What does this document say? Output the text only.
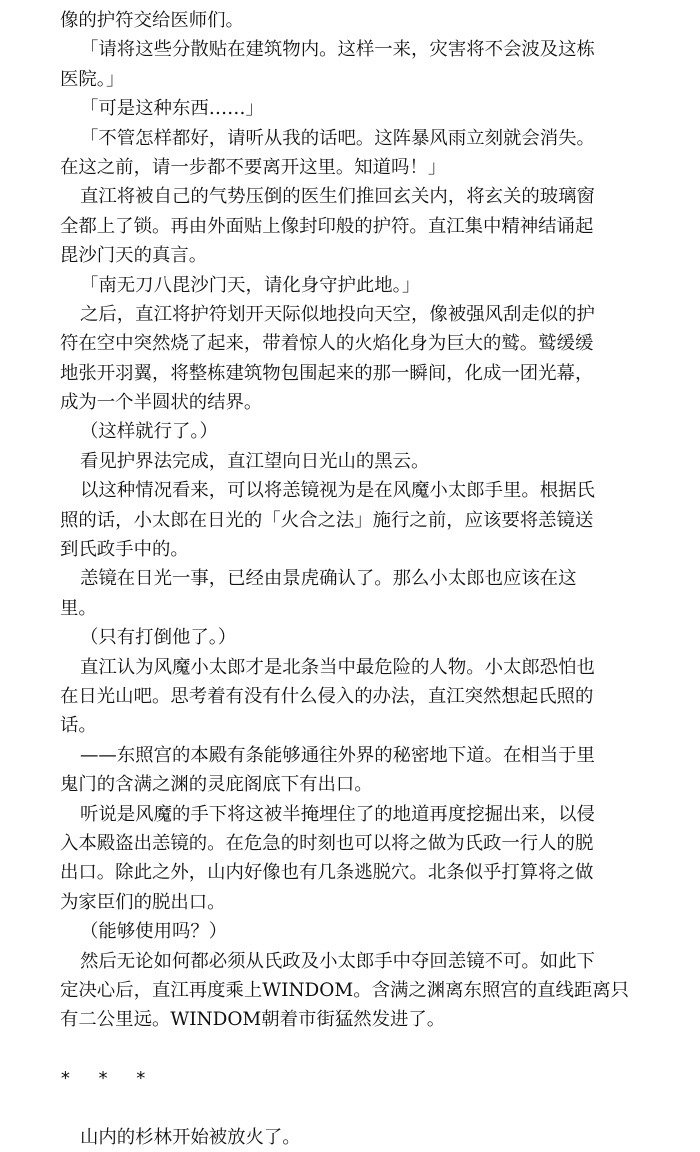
像的护符交给医师们。
「请将这些分散贴在建筑物内。这样一来，灾害将不会波及这栋
医院。」
「可是这种东西……」
「不管怎样都好，请听从我的话吧。这阵暴风雨立刻就会消失。
在这之前，请一步都不要离开这里。知道吗！」
直江将被自己的气势压倒的医生们推回玄关内，将玄关的玻璃窗
全都上了锁。再由外面贴上像封印般的护符。直江集中精神结诵起
毘沙门天的真言。
「南无刀八毘沙门天，请化身守护此地。」
之后，直江将护符划开天际似地投向天空，像被强风刮走似的护
符在空中突然烧了起来，带着惊人的火焰化身为巨大的鹫。鹫缓缓
地张开羽翼，将整栋建筑物包围起来的那一瞬间，化成一团光幕，
成为一个半圆状的结界。
（这样就行了。）
看见护界法完成，直江望向日光山的黑云。
以这种情况看来，可以将恙镜视为是在风魔小太郎手里。根据氏
照的话，小太郎在日光的「火合之法」施行之前，应该要将恙镜送
到氏政手中的。
恙镜在日光一事，已经由景虎确认了。那么小太郎也应该在这
里。
（只有打倒他了。）
直江认为风魔小太郎才是北条当中最危险的人物。小太郎恐怕也
在日光山吧。思考着有没有什么侵入的办法，直江突然想起氏照的
话。
——东照宫的本殿有条能够通往外界的秘密地下道。在相当于里
鬼门的含满之渊的灵庇阁底下有出口。
听说是风魔的手下将这被半掩埋住了的地道再度挖掘出来，以侵
入本殿盗出恙镜的。在危急的时刻也可以将之做为氏政一行人的脱
出口。除此之外，山内好像也有几条逃脱穴。北条似乎打算将之做
为家臣们的脱出口。
（能够使用吗？）
然后无论如何都必须从氏政及小太郎手中夺回恙镜不可。如此下
定决心后，直江再度乘上WINDOM。含满之渊离东照宫的直线距离只
有二公里远。WINDOM朝着市街猛然发进了。
* * *
山内的杉林开始被放火了。
